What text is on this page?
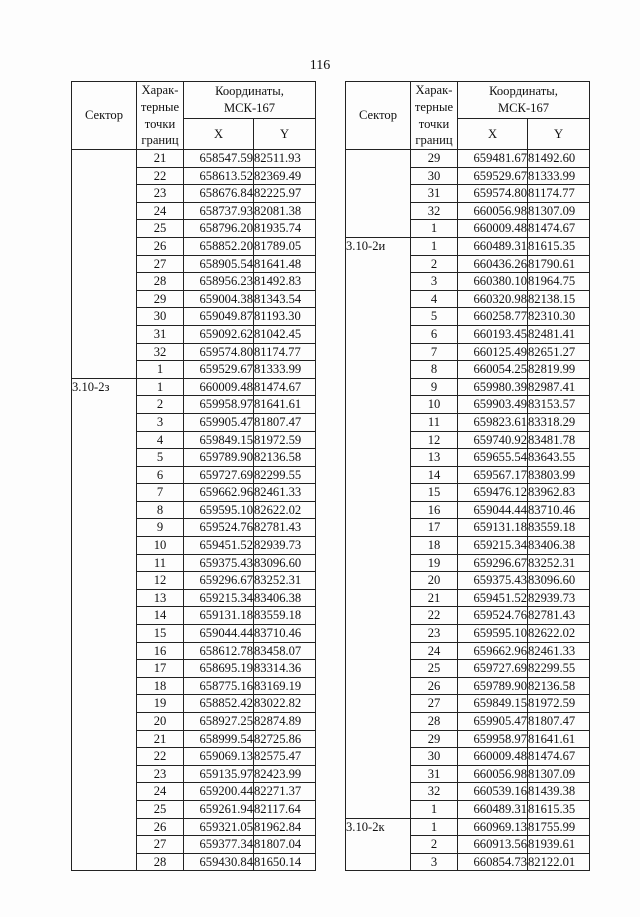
116
Сектор	Харак-
терные
точки
границ	Координаты,
МСК-167	
		X	Y
	21	658547.59	82511.93
	22	658613.52	82369.49
	23	658676.84	82225.97
	24	658737.93	82081.38
	25	658796.20	81935.74
	26	658852.20	81789.05
	27	658905.54	81641.48
	28	658956.23	81492.83
	29	659004.38	81343.54
	30	659049.87	81193.30
	31	659092.62	81042.45
	32	659574.80	81174.77
	1	659529.67	81333.99
3.10-2з	1	660009.48	81474.67
	2	659958.97	81641.61
	3	659905.47	81807.47
	4	659849.15	81972.59
	5	659789.90	82136.58
	6	659727.69	82299.55
	7	659662.96	82461.33
	8	659595.10	82622.02
	9	659524.76	82781.43
	10	659451.52	82939.73
	11	659375.43	83096.60
	12	659296.67	83252.31
	13	659215.34	83406.38
	14	659131.18	83559.18
	15	659044.44	83710.46
	16	658612.78	83458.07
	17	658695.19	83314.36
	18	658775.16	83169.19
	19	658852.42	83022.82
	20	658927.25	82874.89
	21	658999.54	82725.86
	22	659069.13	82575.47
	23	659135.97	82423.99
	24	659200.44	82271.37
	25	659261.94	82117.64
	26	659321.05	81962.84
	27	659377.34	81807.04
	28	659430.84	81650.14
Сектор	Харак-
терные
точки
границ	Координаты,
МСК-167	
		X	Y
	29	659481.67	81492.60
	30	659529.67	81333.99
	31	659574.80	81174.77
	32	660056.98	81307.09
	1	660009.48	81474.67
3.10-2и	1	660489.31	81615.35
	2	660436.26	81790.61
	3	660380.10	81964.75
	4	660320.98	82138.15
	5	660258.77	82310.30
	6	660193.45	82481.41
	7	660125.49	82651.27
	8	660054.25	82819.99
	9	659980.39	82987.41
	10	659903.49	83153.57
	11	659823.61	83318.29
	12	659740.92	83481.78
	13	659655.54	83643.55
	14	659567.17	83803.99
	15	659476.12	83962.83
	16	659044.44	83710.46
	17	659131.18	83559.18
	18	659215.34	83406.38
	19	659296.67	83252.31
	20	659375.43	83096.60
	21	659451.52	82939.73
	22	659524.76	82781.43
	23	659595.10	82622.02
	24	659662.96	82461.33
	25	659727.69	82299.55
	26	659789.90	82136.58
	27	659849.15	81972.59
	28	659905.47	81807.47
	29	659958.97	81641.61
	30	660009.48	81474.67
	31	660056.98	81307.09
	32	660539.16	81439.38
	1	660489.31	81615.35
3.10-2к	1	660969.13	81755.99
	2	660913.56	81939.61
	3	660854.73	82122.01
